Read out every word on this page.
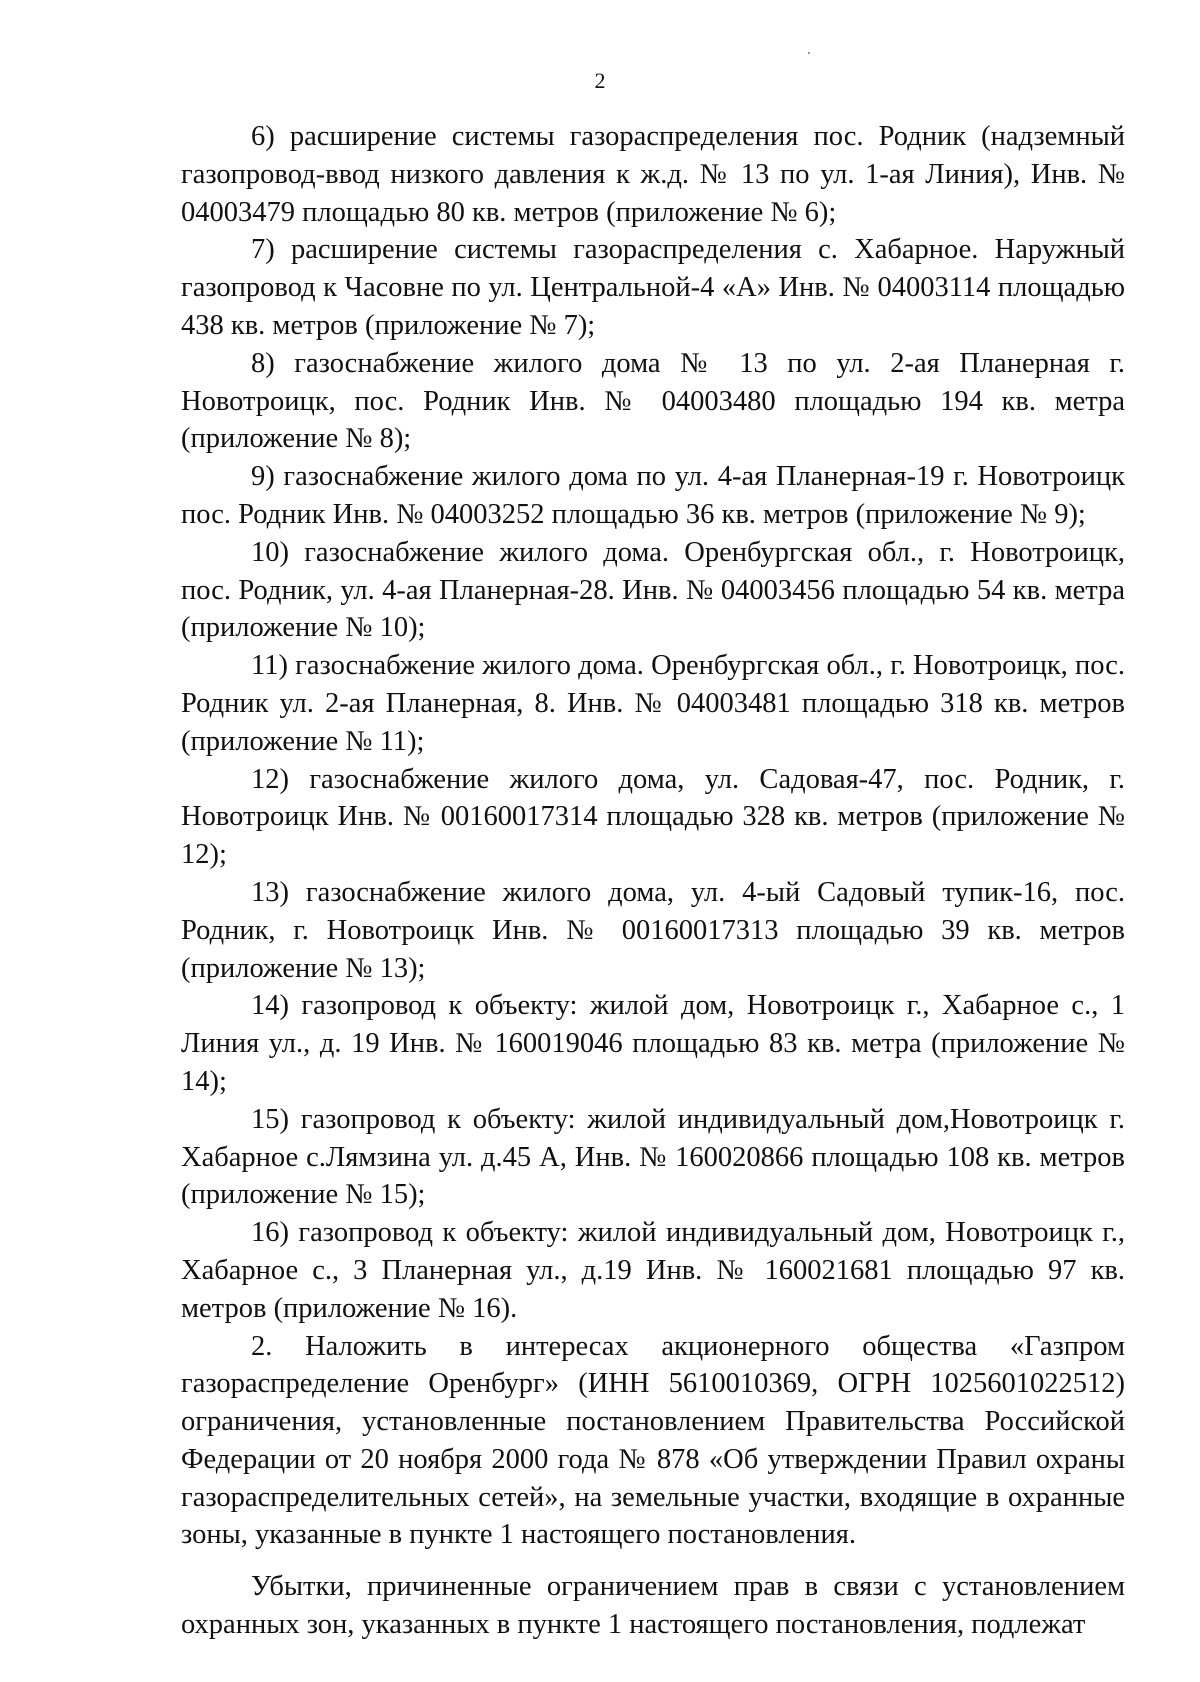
2

6) расширение системы газораспределения пос. Родник (надземный газопровод-ввод низкого давления к ж.д. № 13 по ул. 1-ая Линия), Инв. № 04003479 площадью 80 кв. метров (приложение № 6);

7) расширение системы газораспределения с. Хабарное. Наружный газопровод к Часовне по ул. Центральной-4 «А» Инв. № 04003114 площадью 438 кв. метров (приложение № 7);

8) газоснабжение жилого дома № 13 по ул. 2-ая Планерная г. Новотроицк, пос. Родник Инв. № 04003480 площадью 194 кв. метра (приложение № 8);

9) газоснабжение жилого дома по ул. 4-ая Планерная-19 г. Новотроицк пос. Родник Инв. № 04003252 площадью 36 кв. метров (приложение № 9);

10) газоснабжение жилого дома. Оренбургская обл., г. Новотроицк, пос. Родник, ул. 4-ая Планерная-28. Инв. № 04003456 площадью 54 кв. метра (приложение № 10);

11) газоснабжение жилого дома. Оренбургская обл., г. Новотроицк, пос. Родник ул. 2-ая Планерная, 8. Инв. № 04003481 площадью 318 кв. метров (приложение № 11);

12) газоснабжение жилого дома, ул. Садовая-47, пос. Родник, г. Новотроицк Инв. № 00160017314 площадью 328 кв. метров (приложение № 12);

13) газоснабжение жилого дома, ул. 4-ый Садовый тупик-16, пос. Родник, г. Новотроицк Инв. № 00160017313 площадью 39 кв. метров (приложение № 13);

14) газопровод к объекту: жилой дом, Новотроицк г., Хабарное с., 1 Линия ул., д. 19 Инв. № 160019046 площадью 83 кв. метра (приложение № 14);

15) газопровод к объекту: жилой индивидуальный дом,Новотроицк г. Хабарное с.Лямзина ул. д.45 А, Инв. № 160020866 площадью 108 кв. метров (приложение № 15);

16) газопровод к объекту: жилой индивидуальный дом, Новотроицк г., Хабарное с., 3 Планерная ул., д.19 Инв. № 160021681 площадью 97 кв. метров (приложение № 16).

2. Наложить в интересах акционерного общества «Газпром газораспределение Оренбург» (ИНН 5610010369, ОГРН 1025601022512) ограничения, установленные постановлением Правительства Российской Федерации от 20 ноября 2000 года № 878 «Об утверждении Правил охраны газораспределительных сетей», на земельные участки, входящие в охранные зоны, указанные в пункте 1 настоящего постановления.

Убытки, причиненные ограничением прав в связи с установлением охранных зон, указанных в пункте 1 настоящего постановления, подлежат
